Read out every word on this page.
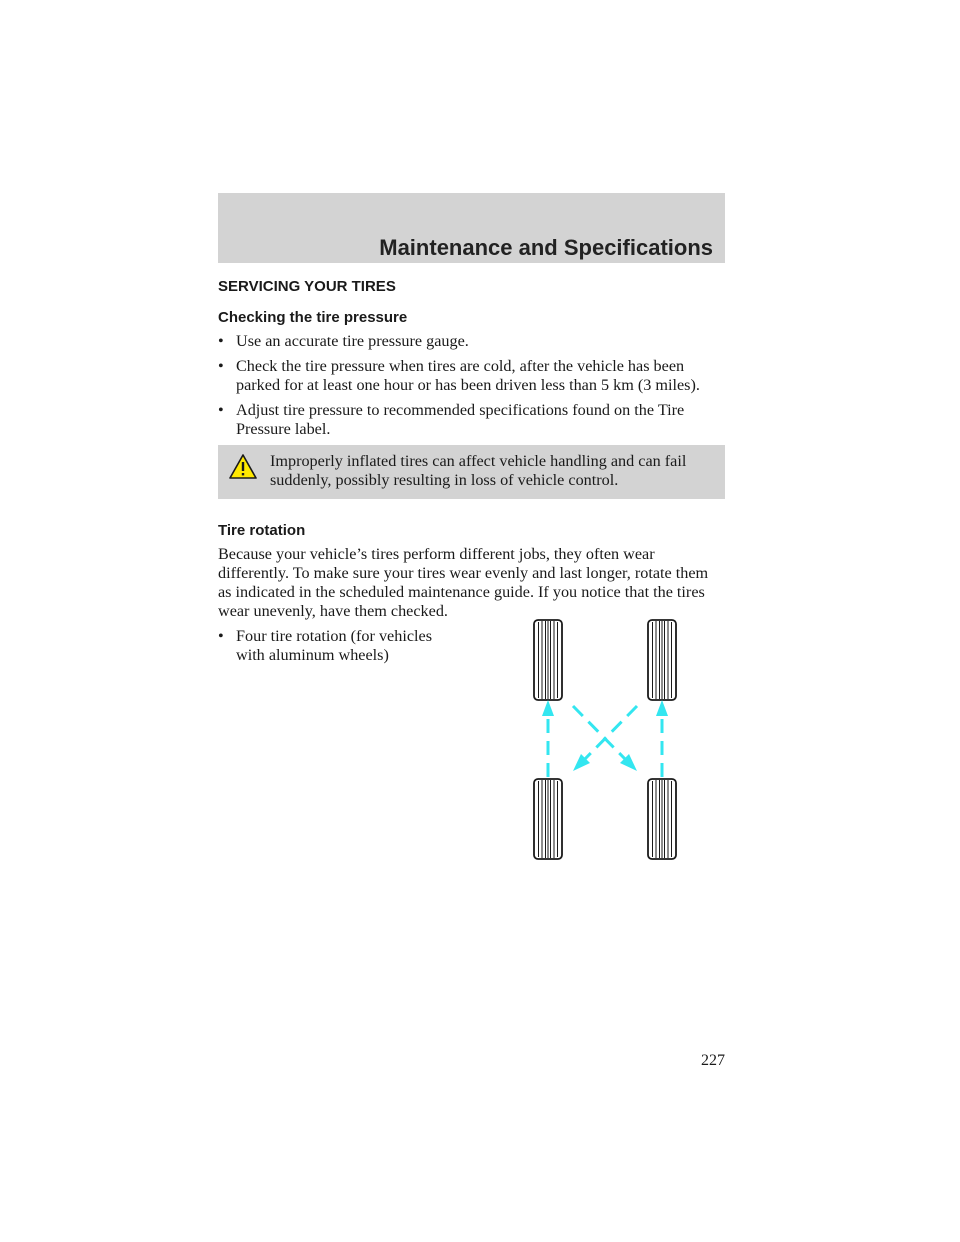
Maintenance and Specifications
SERVICING YOUR TIRES
Checking the tire pressure
• Use an accurate tire pressure gauge.
• Check the tire pressure when tires are cold, after the vehicle has been parked for at least one hour or has been driven less than 5 km (3 miles).
• Adjust tire pressure to recommended specifications found on the Tire Pressure label.
Improperly inflated tires can affect vehicle handling and can fail suddenly, possibly resulting in loss of vehicle control.
Tire rotation

Because your vehicle’s tires perform different jobs, they often wear differently. To make sure your tires wear evenly and last longer, rotate them as indicated in the scheduled maintenance guide. If you notice that the tires wear unevenly, have them checked.

• Four tire rotation (for vehicles with aluminum wheels)
227
